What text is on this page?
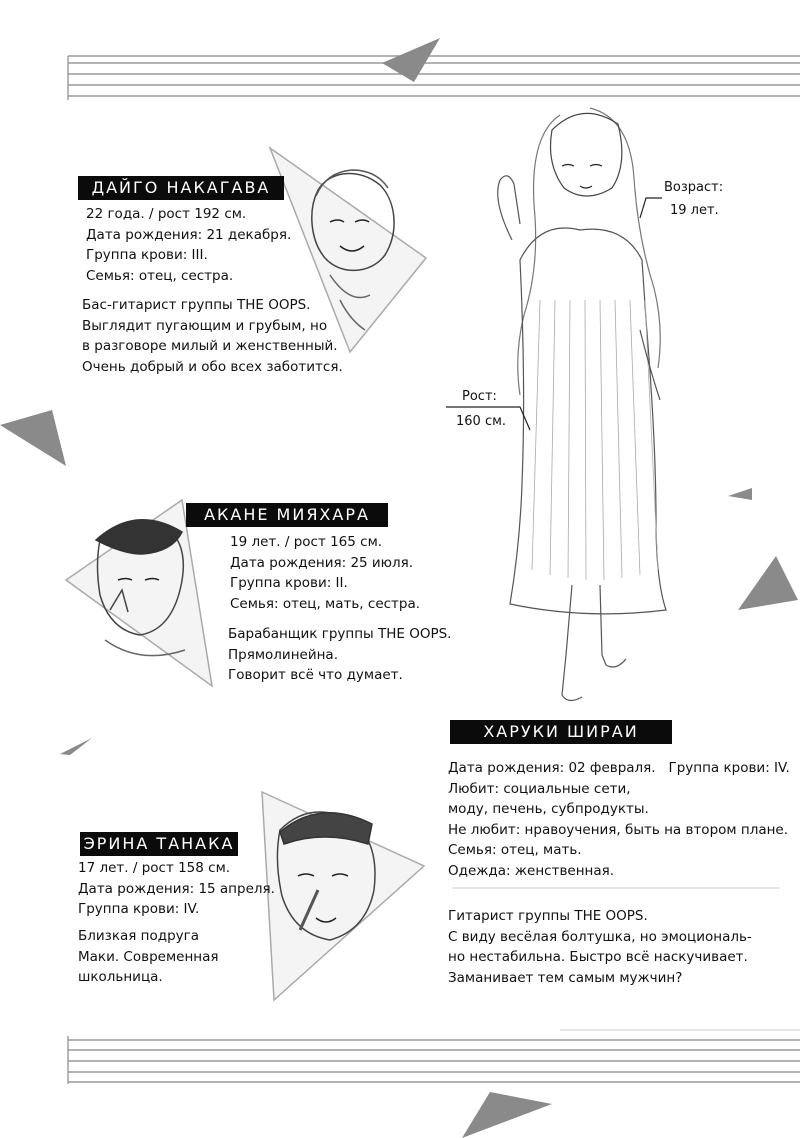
ДАЙГО НАКАГАВА
22 года. / рост 192 см.
Дата рождения: 21 декабря.
Группа крови: III.
Семья: отец, сестра.
Бас-гитарист группы THE OOPS.
Выглядит пугающим и грубым, но
в разговоре милый и женственный.
Очень добрый и обо всех заботится.
АКАНЕ МИЯХАРА
19 лет. / рост 165 см.
Дата рождения: 25 июля.
Группа крови: II.
Семья: отец, мать, сестра.
Барабанщик группы THE OOPS.
Прямолинейна.
Говорит всё что думает.
ЭРИНА ТАНАКА
17 лет. / рост 158 см.
Дата рождения: 15 апреля.
Группа крови: IV.
Близкая подруга
Маки. Современная
школьница.
Возраст:
19 лет.
Рост:
160 см.
ХАРУКИ ШИРАИ
Дата рождения: 02 февраля.   Группа крови: IV.
Любит: социальные сети,
моду, печень, субпродукты.
Не любит: нравоучения, быть на втором плане.
Семья: отец, мать.
Одежда: женственная.
Гитарист группы THE OOPS.
С виду весёлая болтушка, но эмоциональ-
но нестабильна. Быстро всё наскучивает.
Заманивает тем самым мужчин?
